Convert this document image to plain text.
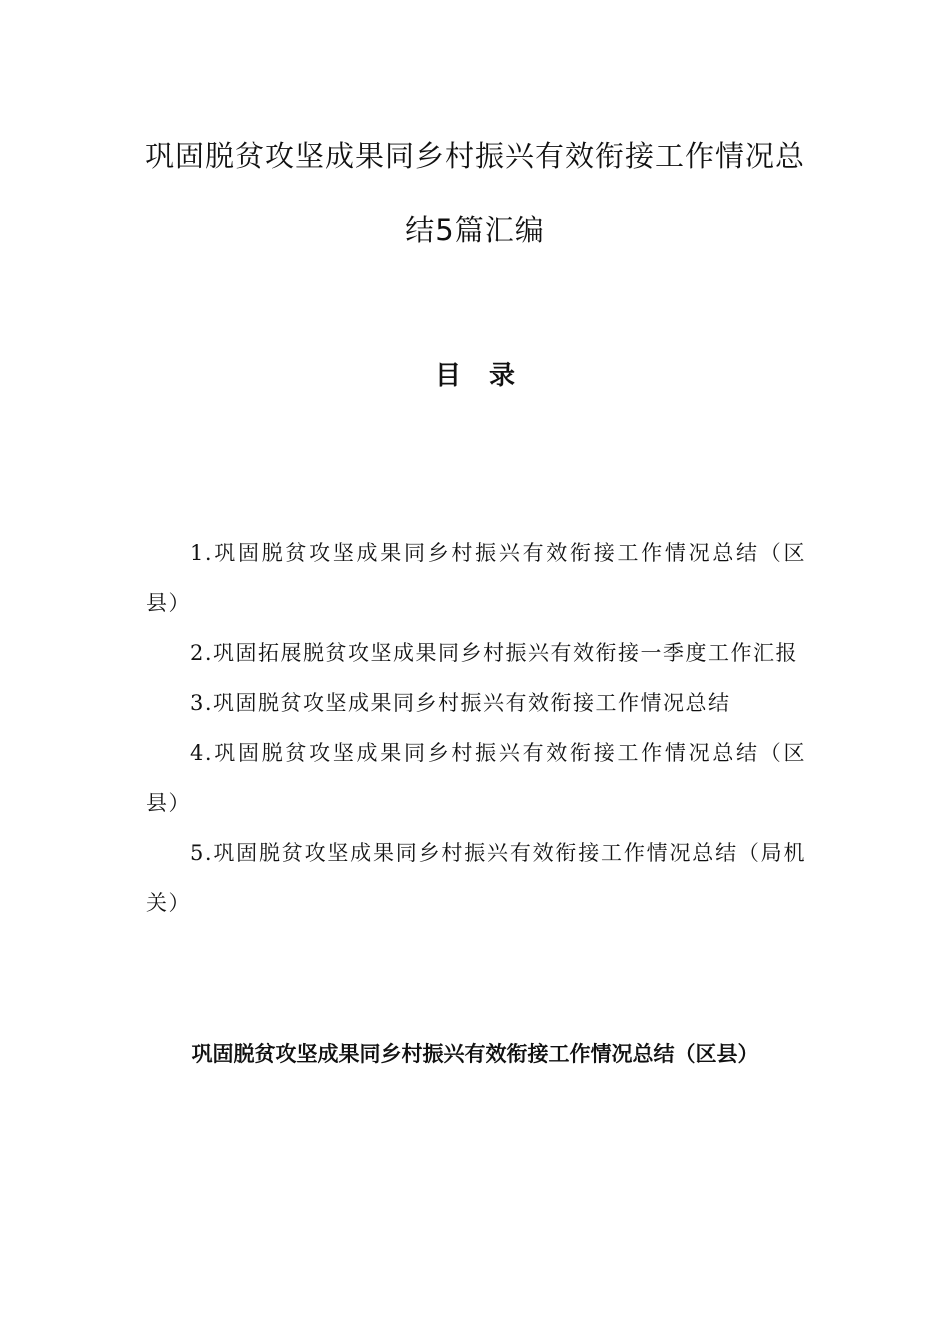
巩固脱贫攻坚成果同乡村振兴有效衔接工作情况总
结5篇汇编
目录
1.巩固脱贫攻坚成果同乡村振兴有效衔接工作情况总结（区县）
2.巩固拓展脱贫攻坚成果同乡村振兴有效衔接一季度工作汇报
3.巩固脱贫攻坚成果同乡村振兴有效衔接工作情况总结
4.巩固脱贫攻坚成果同乡村振兴有效衔接工作情况总结（区县）
5.巩固脱贫攻坚成果同乡村振兴有效衔接工作情况总结（局机关）
巩固脱贫攻坚成果同乡村振兴有效衔接工作情况总结（区县）
